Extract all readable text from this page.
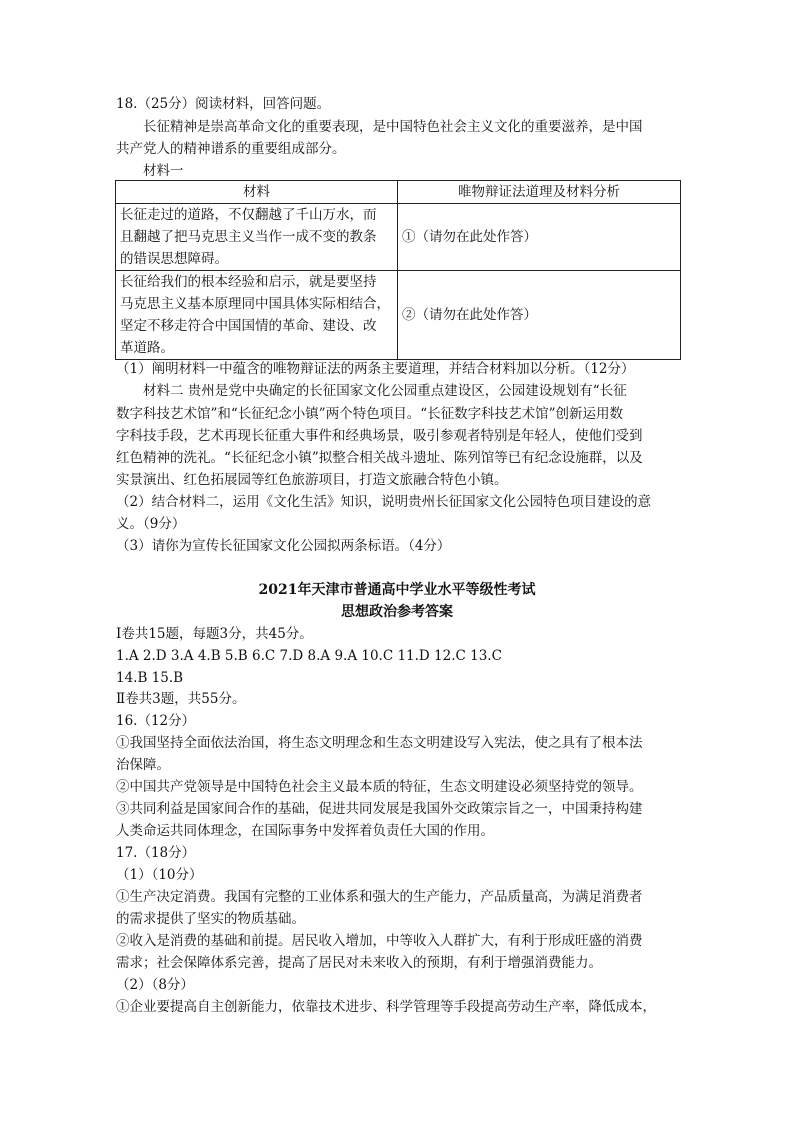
18.（25分）阅读材料，回答问题。
长征精神是崇高革命文化的重要表现，是中国特色社会主义文化的重要滋养，是中国
共产党人的精神谱系的重要组成部分。
材料一
材料	唯物辩证法道理及材料分析

长征走过的道路，不仅翻越了千山万水，而
且翻越了把马克思主义当作一成不变的教条
的错误思想障碍。	①（请勿在此处作答）

长征给我们的根本经验和启示，就是要坚持
马克思主义基本原理同中国具体实际相结合，
坚定不移走符合中国国情的革命、建设、改
革道路。	②（请勿在此处作答）
（1）阐明材料一中蕴含的唯物辩证法的两条主要道理，并结合材料加以分析。（12分）
材料二 贵州是党中央确定的长征国家文化公园重点建设区，公园建设规划有“长征
数字科技艺术馆”和“长征纪念小镇”两个特色项目。“长征数字科技艺术馆”创新运用数
字科技手段，艺术再现长征重大事件和经典场景，吸引参观者特别是年轻人，使他们受到
红色精神的洗礼。“长征纪念小镇”拟整合相关战斗遗址、陈列馆等已有纪念设施群，以及
实景演出、红色拓展园等红色旅游项目，打造文旅融合特色小镇。
（2）结合材料二，运用《文化生活》知识，说明贵州长征国家文化公园特色项目建设的意
义。（9分）
（3）请你为宣传长征国家文化公园拟两条标语。（4分）
2021年天津市普通高中学业水平等级性考试
思想政治参考答案
Ⅰ卷共15题，每题3分，共45分。
1.A 2.D 3.A 4.B 5.B 6.C 7.D 8.A 9.A 10.C 11.D 12.C 13.C
14.B 15.B
Ⅱ卷共3题，共55分。
16.（12分）
①我国坚持全面依法治国，将生态文明理念和生态文明建设写入宪法，使之具有了根本法
治保障。
②中国共产党领导是中国特色社会主义最本质的特征，生态文明建设必须坚持党的领导。
③共同利益是国家间合作的基础，促进共同发展是我国外交政策宗旨之一，中国秉持构建
人类命运共同体理念，在国际事务中发挥着负责任大国的作用。
17.（18分）
（1）（10分）
①生产决定消费。我国有完整的工业体系和强大的生产能力，产品质量高，为满足消费者
的需求提供了坚实的物质基础。
②收入是消费的基础和前提。居民收入增加，中等收入人群扩大，有利于形成旺盛的消费
需求；社会保障体系完善，提高了居民对未来收入的预期，有利于增强消费能力。
（2）（8分）
①企业要提高自主创新能力，依靠技术进步、科学管理等手段提高劳动生产率，降低成本，
